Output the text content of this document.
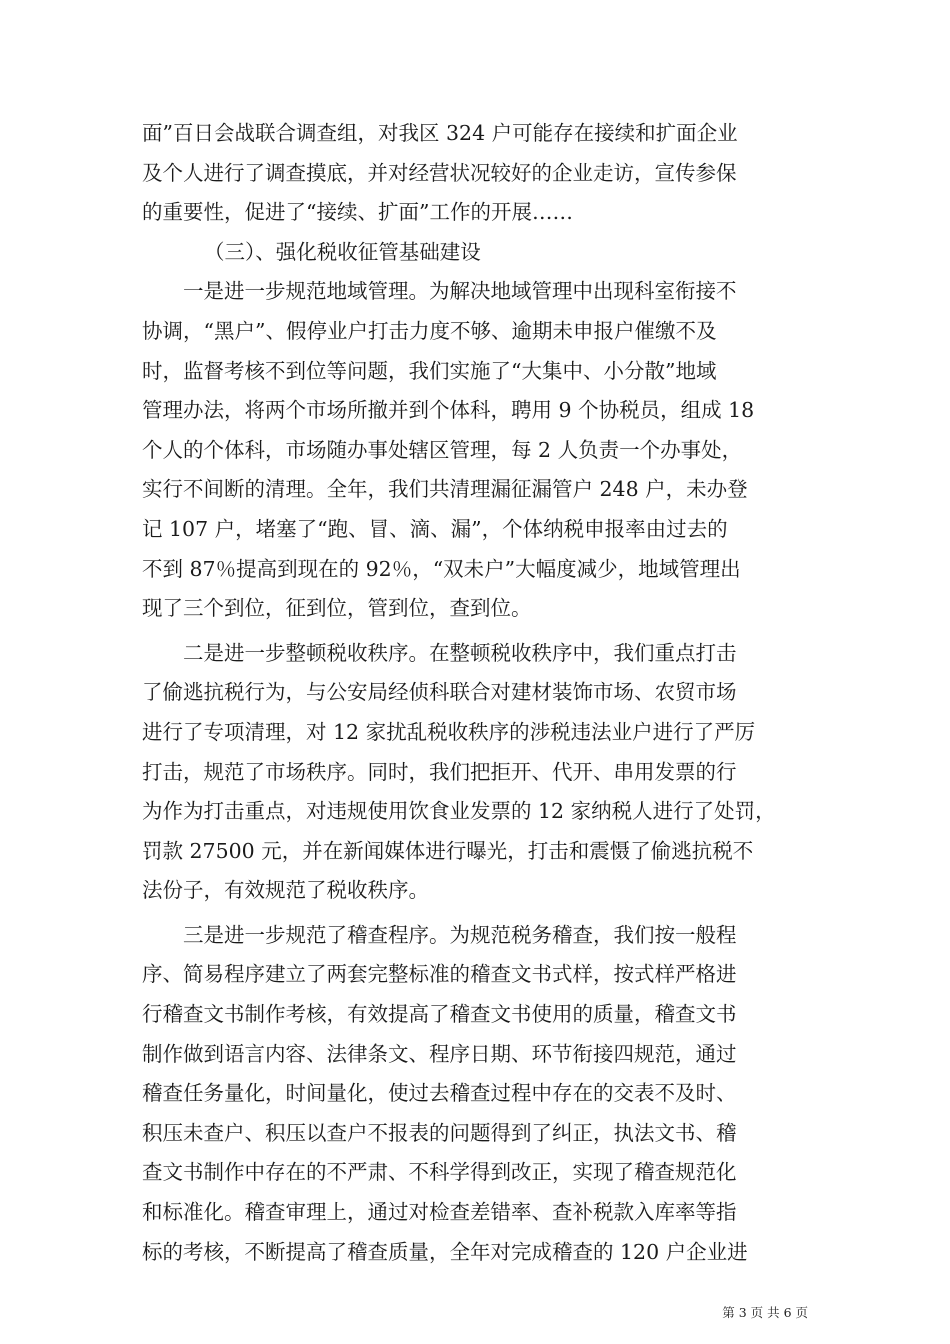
面”百日会战联合调查组，对我区 324 户可能存在接续和扩面企业
及个人进行了调查摸底，并对经营状况较好的企业走访，宣传参保
的重要性，促进了“接续、扩面”工作的开展……
（三）、强化税收征管基础建设
一是进一步规范地域管理。为解决地域管理中出现科室衔接不
协调，“黑户”、假停业户打击力度不够、逾期未申报户催缴不及
时，监督考核不到位等问题，我们实施了“大集中、小分散”地域
管理办法，将两个市场所撤并到个体科，聘用 9 个协税员，组成 18
个人的个体科，市场随办事处辖区管理，每 2 人负责一个办事处，
实行不间断的清理。全年，我们共清理漏征漏管户 248 户，未办登
记 107 户，堵塞了“跑、冒、滴、漏”，个体纳税申报率由过去的
不到 87％提高到现在的 92％，“双未户”大幅度减少，地域管理出
现了三个到位，征到位，管到位，查到位。
二是进一步整顿税收秩序。在整顿税收秩序中，我们重点打击
了偷逃抗税行为，与公安局经侦科联合对建材装饰市场、农贸市场
进行了专项清理，对 12 家扰乱税收秩序的涉税违法业户进行了严厉
打击，规范了市场秩序。同时，我们把拒开、代开、串用发票的行
为作为打击重点，对违规使用饮食业发票的 12 家纳税人进行了处罚，
罚款 27500 元，并在新闻媒体进行曝光，打击和震慑了偷逃抗税不
法份子，有效规范了税收秩序。
三是进一步规范了稽查程序。为规范税务稽查，我们按一般程
序、简易程序建立了两套完整标准的稽查文书式样，按式样严格进
行稽查文书制作考核，有效提高了稽查文书使用的质量，稽查文书
制作做到语言内容、法律条文、程序日期、环节衔接四规范，通过
稽查任务量化，时间量化，使过去稽查过程中存在的交表不及时、
积压未查户、积压以查户不报表的问题得到了纠正，执法文书、稽
查文书制作中存在的不严肃、不科学得到改正，实现了稽查规范化
和标准化。稽查审理上，通过对检查差错率、查补税款入库率等指
标的考核，不断提高了稽查质量，全年对完成稽查的 120 户企业进
第 3 页 共 6 页
